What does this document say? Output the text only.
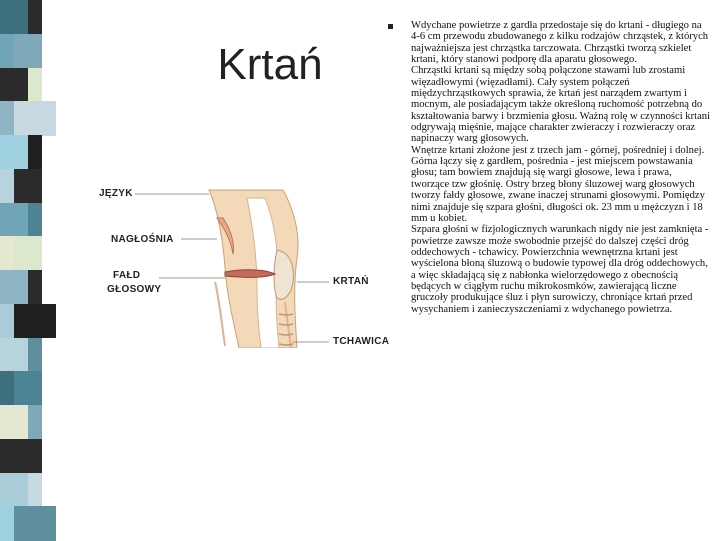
Krtań

Wdychane powietrze z gardła przedostaje się do krtani - długiego na 4-6 cm przewodu zbudowanego z kilku rodzajów chrząstek, z których najważniejsza jest chrząstka tarczowata. Chrząstki tworzą szkielet krtani, który stanowi podporę dla aparatu głosowego.

Chrząstki krtani są między sobą połączone stawami lub zrostami więzadłowymi (więzadłami). Cały system połączeń międzychrząstkowych sprawia, że krtań jest narządem zwartym i mocnym, ale posiadającym także określoną ruchomość potrzebną do kształtowania barwy i brzmienia głosu. Ważną rolę w czynności krtani odgrywają mięśnie, mające charakter zwieraczy i rozwieraczy oraz napinaczy warg głosowych.

Wnętrze krtani złożone jest z trzech jam - górnej, pośredniej i dolnej. Górna łączy się z gardłem, pośrednia - jest miejscem powstawania głosu; tam bowiem znajdują się wargi głosowe, lewa i prawa, tworzące tzw głośnię. Ostry brzeg błony śluzowej warg głosowych tworzy fałdy głosowe, zwane inaczej strunami głosowymi. Pomiędzy nimi znajduje się szpara głośni, długości ok. 23 mm u mężczyzn i 18 mm u kobiet.

Szpara głośni w fizjologicznych warunkach nigdy nie jest zamknięta - powietrze zawsze może swobodnie przejść do dalszej części dróg oddechowych - tchawicy. Powierzchnia wewnętrzna krtani jest wyścielona błoną śluzową o budowie typowej dla dróg oddechowych, a więc składającą się z nabłonka wielorzędowego z obecnością będących w ciągłym ruchu mikrokosmków, zawierającą liczne gruczoły produkujące śluz i płyn surowiczy, chroniące krtań przed wysychaniem i zanieczyszczeniami z wdychanego powietrza.

JĘZYK
NAGŁOŚNIA
FAŁD
GŁOSOWY
KRTAŃ
TCHAWICA
